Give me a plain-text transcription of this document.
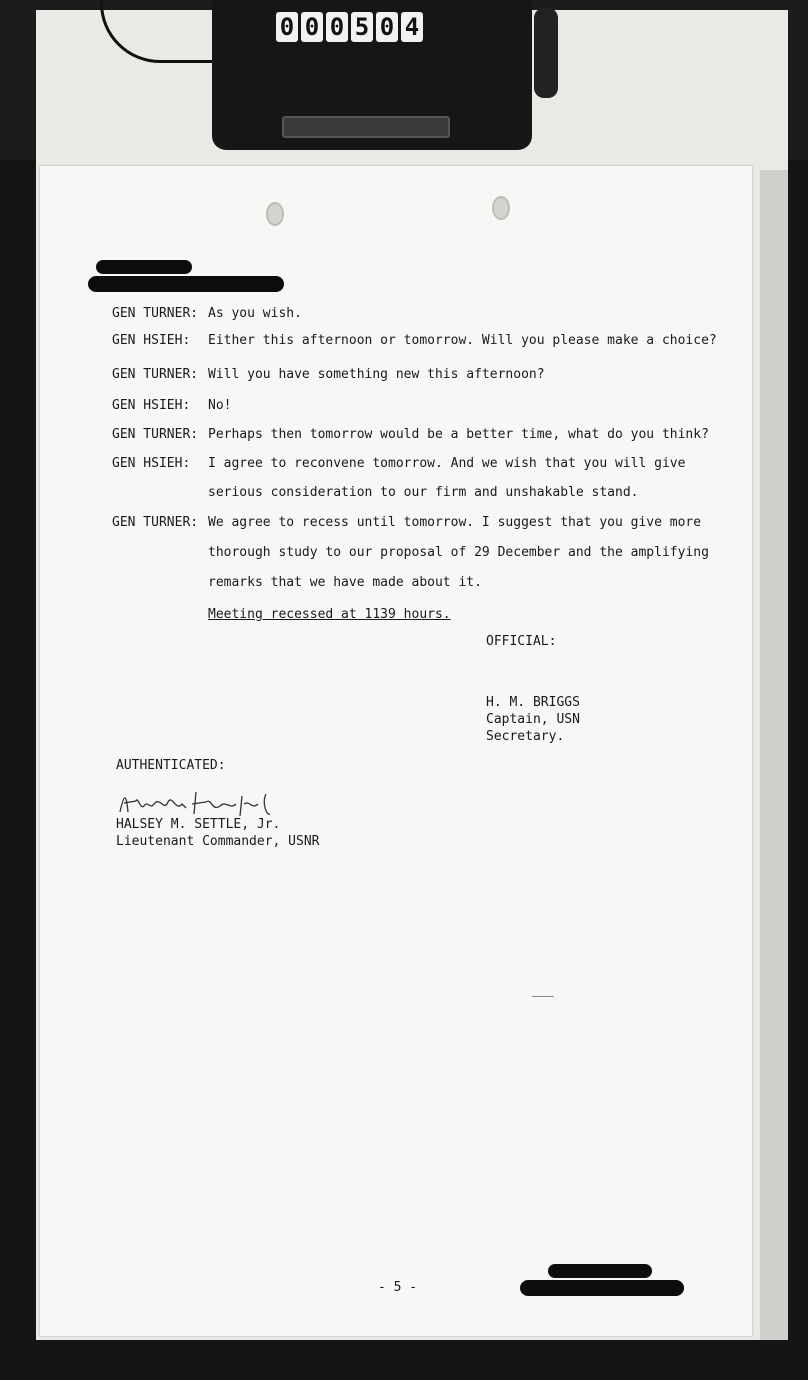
0 0 0 5 0 4
GEN TURNER: As you wish.
GEN HSIEH:	Either this afternoon or tomorrow. Will you please make a choice?
GEN TURNER: Will you have something new this afternoon?
GEN HSIEH:	No!
GEN TURNER: Perhaps then tomorrow would be a better time, what do you think?
GEN HSIEH:	I agree to reconvene tomorrow. And we wish that you will give
serious consideration to our firm and unshakable stand.
GEN TURNER: We agree to recess until tomorrow. I suggest that you give more
thorough study to our proposal of 29 December and the amplifying
remarks that we have made about it.
Meeting recessed at 1139 hours.
OFFICIAL:
H. M. BRIGGS
Captain, USN
Secretary.
AUTHENTICATED:
HALSEY M. SETTLE, Jr.
Lieutenant Commander, USNR
- 5 -
